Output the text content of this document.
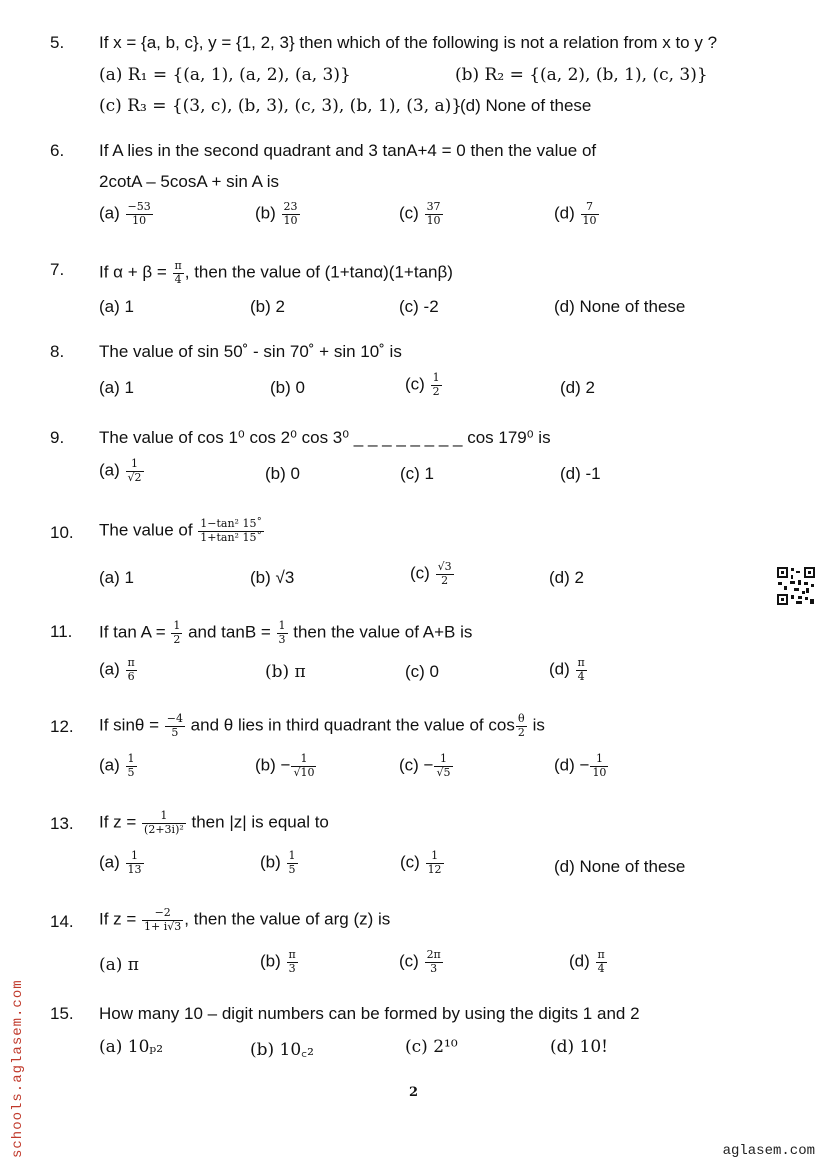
5. If x = {a, b, c}, y = {1, 2, 3} then which of the following is not a relation from x to y ?
(a) R₁ = {(a, 1), (a, 2), (a, 3)}	(b) R₂ = {(a, 2), (b, 1), (c, 3)}
(c) R₃ = {(3, c), (b, 3), (c, 3), (b, 1), (3, a)}
(d) None of these
6. If A lies in the second quadrant and 3 tanA+4 = 0 then the value of
2cotA – 5cosA + sin A is
$(a) \frac{-53}{10}$	$(b) \frac{23}{10}$	$(c) \frac{37}{10}$	$(d) \frac{7}{10}$
7. If $\alpha + \beta = \frac{\pi}{4}$ , then the value of (1+tanα)(1+tanβ)
(a) 1	(b) 2	(c) -2	(d) None of these
8. The value of sin 50˚ - sin 70˚ + sin 10˚ is
(a) 1	(b) 0	$(c) \frac{1}{2}$	(d) 2
9. The value of cos 1⁰ cos 2⁰ cos 3⁰ _ _ _ _ _ _ _ _ cos 179⁰ is
$(a) \frac{1}{√2}$	(b) 0	(c) 1	(d) -1
10. The value of $\frac{\text{1−tan² 15˚}}{\text{1+tan² 15˚}}$
(a) 1	(b) √3	$(c) \frac{√3}{2}$	(d) 2
11. If $\tan A = \frac{1}{2}$ and $\tan B = \frac{1}{3}$ then the value of A+B is
$(a) \frac{\pi}{6}$	(b) π	(c) 0	$(d) \frac{\pi}{4}$
12. If $\sin\theta = \frac{-4}{5}$ and θ lies in third quadrant the value of $\cos \frac{\theta}{2}$ is
$(a) \frac{1}{5}$	$(b) - \frac{1}{√10}$	$(c) - \frac{1}{√5}$	$(d) - \frac{1}{10}$
13. If $z = \frac{1}{\text{(2+3i)²}}$ then |z| is equal to
$(a) \frac{1}{13}$	$(b) \frac{1}{5}$	$(c) \frac{1}{12}$	(d) None of these
14. If $z = \frac{-2}{1+ i√3}$ , then the value of arg (z) is
(a) π	$(b) \frac{\pi}{3}$	$(c) \frac{2\pi}{3}$	$(d) \frac{\pi}{4}$
15. How many 10 – digit numbers can be formed by using the digits 1 and 2
(a) 10ₚ₂	(b) 10꜀₂	(c) 2¹⁰	(d) 10!
2
schools.aglasem.com	aglasem.com
